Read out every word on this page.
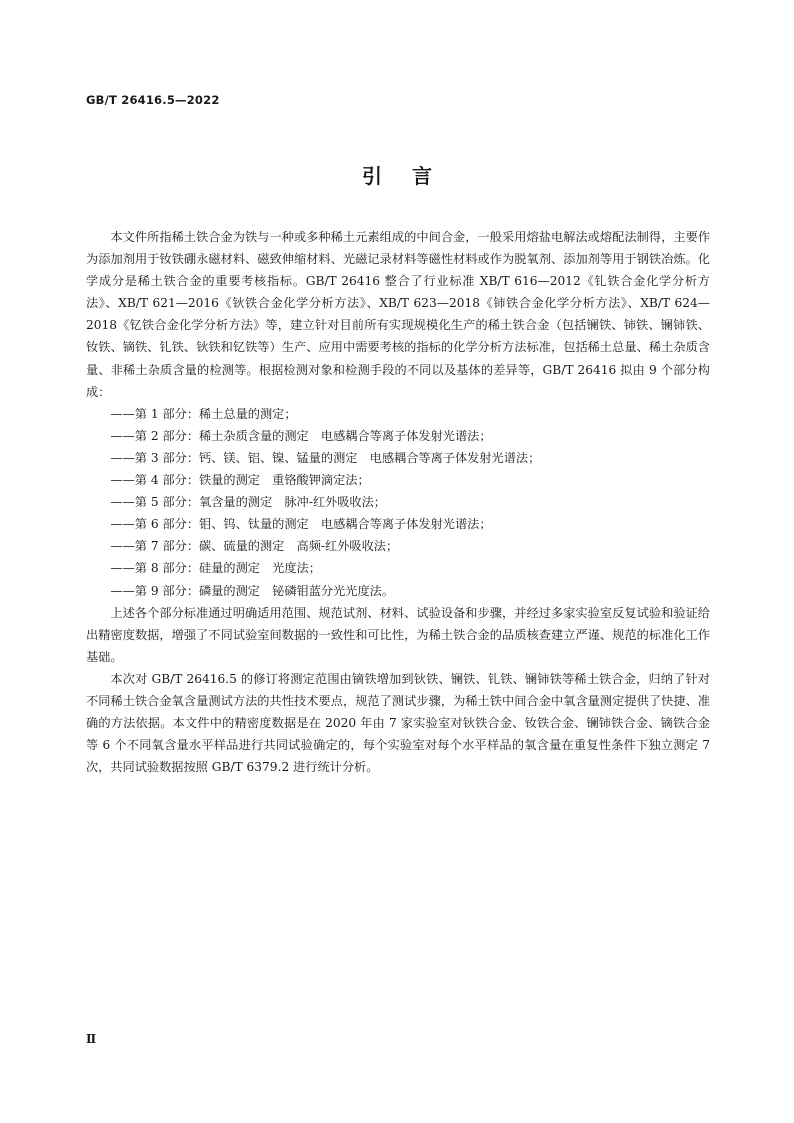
GB/T 26416.5—2022
引言

本文件所指稀土铁合金为铁与一种或多种稀土元素组成的中间合金，一般采用熔盐电解法或熔配法制得，主要作为添加剂用于钕铁硼永磁材料、磁致伸缩材料、光磁记录材料等磁性材料或作为脱氧剂、添加剂等用于钢铁冶炼。化学成分是稀土铁合金的重要考核指标。GB/T 26416 整合了行业标准 XB/T 616—2012《钆铁合金化学分析方法》、XB/T 621—2016《钬铁合金化学分析方法》、XB/T 623—2018《铈铁合金化学分析方法》、XB/T 624—2018《钇铁合金化学分析方法》等，建立针对目前所有实现规模化生产的稀土铁合金（包括镧铁、铈铁、镧铈铁、钕铁、镝铁、钆铁、钬铁和钇铁等）生产、应用中需要考核的指标的化学分析方法标准，包括稀土总量、稀土杂质含量、非稀土杂质含量的检测等。根据检测对象和检测手段的不同以及基体的差异等，GB/T 26416 拟由 9 个部分构成：

——第 1 部分：稀土总量的测定；
——第 2 部分：稀土杂质含量的测定　电感耦合等离子体发射光谱法；
——第 3 部分：钙、镁、铝、镍、锰量的测定　电感耦合等离子体发射光谱法；
——第 4 部分：铁量的测定　重铬酸钾滴定法；
——第 5 部分：氧含量的测定　脉冲-红外吸收法；
——第 6 部分：钼、钨、钛量的测定　电感耦合等离子体发射光谱法；
——第 7 部分：碳、硫量的测定　高频-红外吸收法；
——第 8 部分：硅量的测定　光度法；
——第 9 部分：磷量的测定　铋磷钼蓝分光光度法。

上述各个部分标准通过明确适用范围、规范试剂、材料、试验设备和步骤，并经过多家实验室反复试验和验证给出精密度数据，增强了不同试验室间数据的一致性和可比性，为稀土铁合金的品质核查建立严谨、规范的标准化工作基础。

本次对 GB/T 26416.5 的修订将测定范围由镝铁增加到钬铁、镧铁、钆铁、镧铈铁等稀土铁合金，归纳了针对不同稀土铁合金氧含量测试方法的共性技术要点，规范了测试步骤，为稀土铁中间合金中氧含量测定提供了快捷、准确的方法依据。本文件中的精密度数据是在 2020 年由 7 家实验室对钬铁合金、钕铁合金、镧铈铁合金、镝铁合金等 6 个不同氧含量水平样品进行共同试验确定的，每个实验室对每个水平样品的氧含量在重复性条件下独立测定 7 次，共同试验数据按照 GB/T 6379.2 进行统计分析。

Ⅱ
